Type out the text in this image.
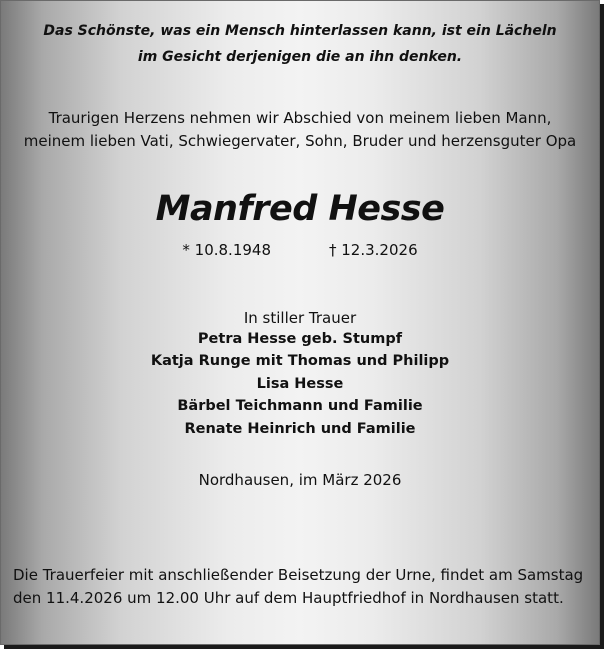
Das Schönste, was ein Mensch hinterlassen kann, ist ein Lächeln
im Gesicht derjenigen die an ihn denken.
Traurigen Herzens nehmen wir Abschied von meinem lieben Mann,
meinem lieben Vati, Schwiegervater, Sohn, Bruder und herzensguter Opa
Manfred Hesse
* 10.8.1948	† 12.3.2026
In stiller Trauer
Petra Hesse geb. Stumpf
Katja Runge mit Thomas und Philipp
Lisa Hesse
Bärbel Teichmann und Familie
Renate Heinrich und Familie
Nordhausen, im März 2026
Die Trauerfeier mit anschließender Beisetzung der Urne, findet am Samstag
den 11.4.2026 um 12.00 Uhr auf dem Hauptfriedhof in Nordhausen statt.
